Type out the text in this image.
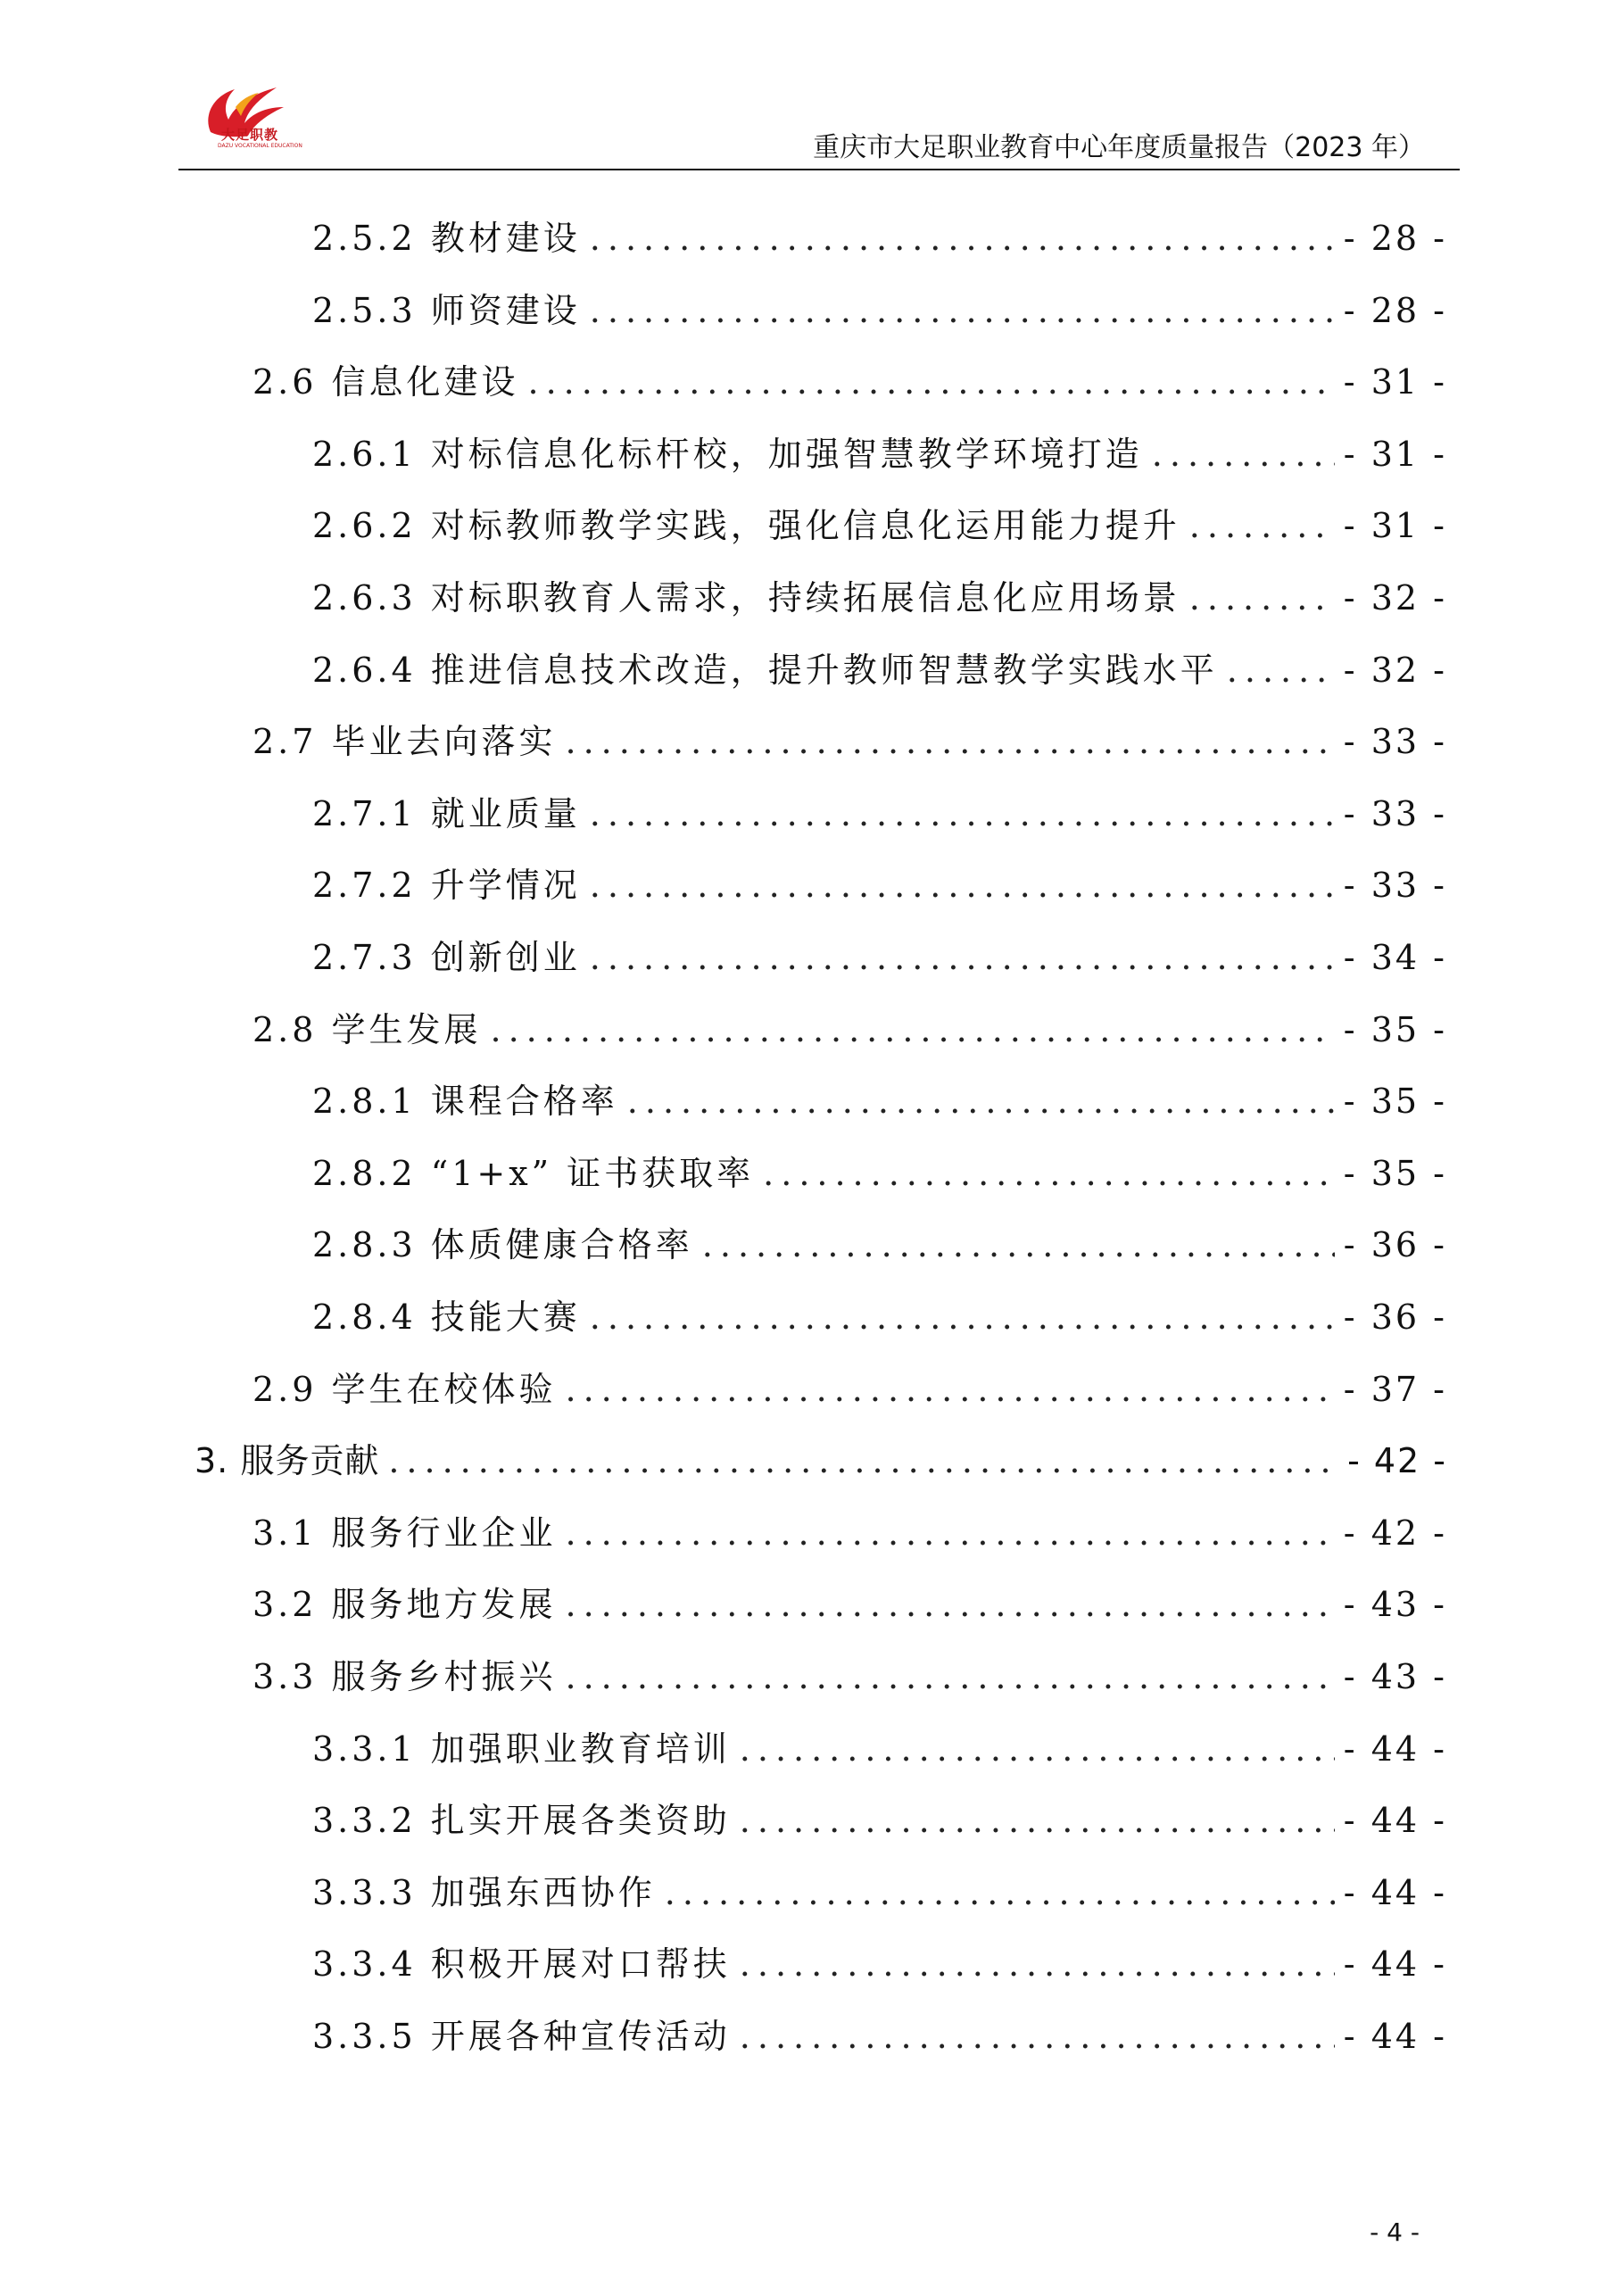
大足职教
DAZU VOCATIONAL EDUCATION	重庆市大足职业教育中心年度质量报告（2023 年）
2.5.2 教材建设 .....	- 28 -
2.5.3 师资建设 .....	- 28 -
2.6 信息化建设 .....	- 31 -
2.6.1 对标信息化标杆校，加强智慧教学环境打造 .....	- 31 -
2.6.2 对标教师教学实践，强化信息化运用能力提升 .....	- 31 -
2.6.3 对标职教育人需求，持续拓展信息化应用场景 .....	- 32 -
2.6.4 推进信息技术改造，提升教师智慧教学实践水平 .....	- 32 -
2.7 毕业去向落实 .....	- 33 -
2.7.1 就业质量 .....	- 33 -
2.7.2 升学情况 .....	- 33 -
2.7.3 创新创业 .....	- 34 -
2.8 学生发展 .....	- 35 -
2.8.1 课程合格率 .....	- 35 -
2.8.2 “1+x” 证书获取率 .....	- 35 -
2.8.3 体质健康合格率 .....	- 36 -
2.8.4 技能大赛 .....	- 36 -
2.9 学生在校体验 .....	- 37 -
3. 服务贡献 .....	- 42 -
3.1 服务行业企业 .....	- 42 -
3.2 服务地方发展 .....	- 43 -
3.3 服务乡村振兴 .....	- 43 -
3.3.1 加强职业教育培训 .....	- 44 -
3.3.2 扎实开展各类资助 .....	- 44 -
3.3.3 加强东西协作 .....	- 44 -
3.3.4 积极开展对口帮扶 .....	- 44 -
3.3.5 开展各种宣传活动 .....	- 44 -
- 4 -
